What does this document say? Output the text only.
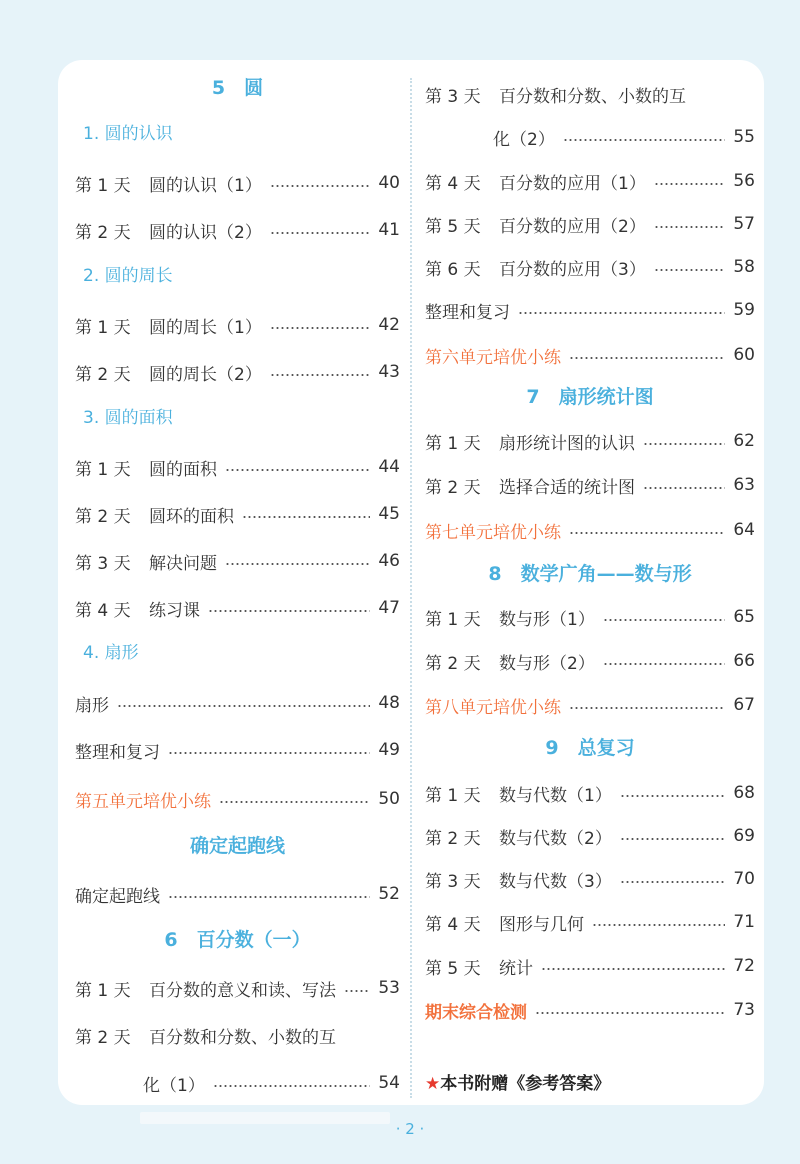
5　圆
1. 圆的认识
第 1 天	圆的认识（1）	40
第 2 天	圆的认识（2）	41
2. 圆的周长
第 1 天	圆的周长（1）	42
第 2 天	圆的周长（2）	43
3. 圆的面积
第 1 天	圆的面积	44
第 2 天	圆环的面积	45
第 3 天	解决问题	46
第 4 天	练习课	47
4. 扇形
扇形	48
整理和复习	49
第五单元培优小练	50
确定起跑线
确定起跑线	52
6　百分数（一）
第 1 天	百分数的意义和读、写法 53
第 2 天	百分数和分数、小数的互
化（1）	54
第 3 天	百分数和分数、小数的互
化（2）	55
第 4 天	百分数的应用（1）	56
第 5 天	百分数的应用（2）	57
第 6 天	百分数的应用（3）	58
整理和复习	59
第六单元培优小练	60
7　扇形统计图
第 1 天	扇形统计图的认识	62
第 2 天	选择合适的统计图	63
第七单元培优小练	64
8　数学广角——数与形
第 1 天	数与形（1）	65
第 2 天	数与形（2）	66
第八单元培优小练	67
9　总复习
第 1 天	数与代数（1）	68
第 2 天	数与代数（2）	69
第 3 天	数与代数（3）	70
第 4 天	图形与几何	71
第 5 天	统计	72
期末综合检测	73
★本书附赠《参考答案》
· 2 ·
